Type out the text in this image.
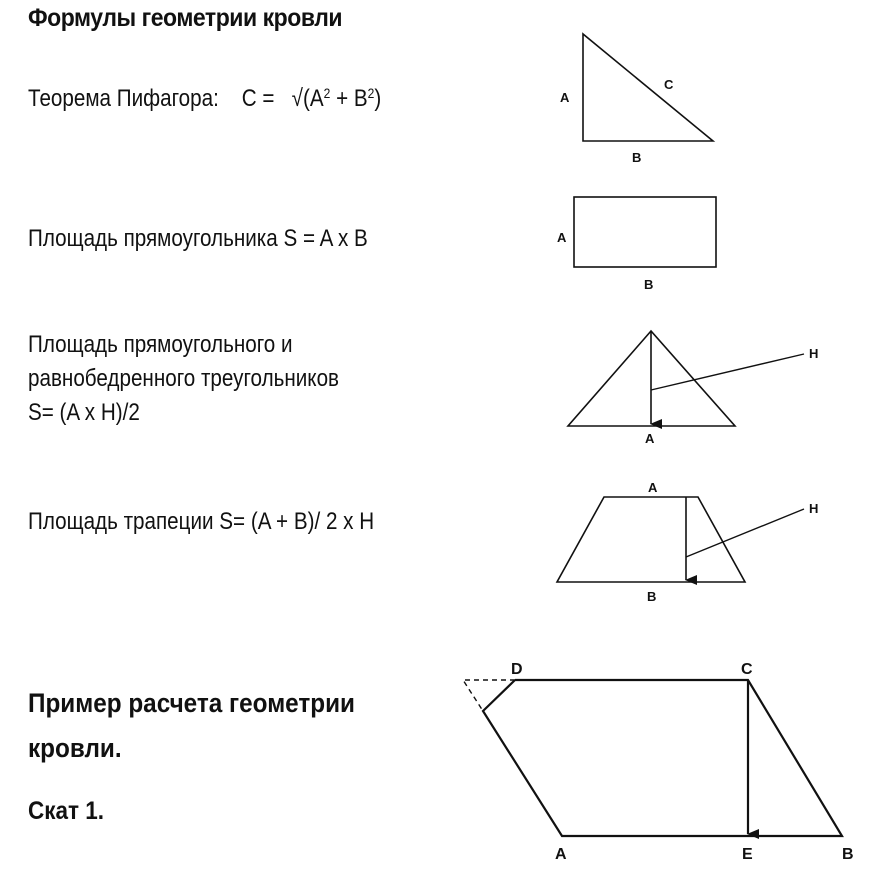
Формулы геометрии кровли
Теорема Пифагора: $C = √(A^2 + B^2)$
Площадь прямоугольника S = A x B
Площадь прямоугольного и
равнобедренного треугольников
S= (A x H)/2
Площадь трапеции S= (A + B)/ 2 x H
Пример расчета геометрии
кровли.
Скат 1.
A
C
B
A
B
H
A
A
H
B
D	C
A	E	B
